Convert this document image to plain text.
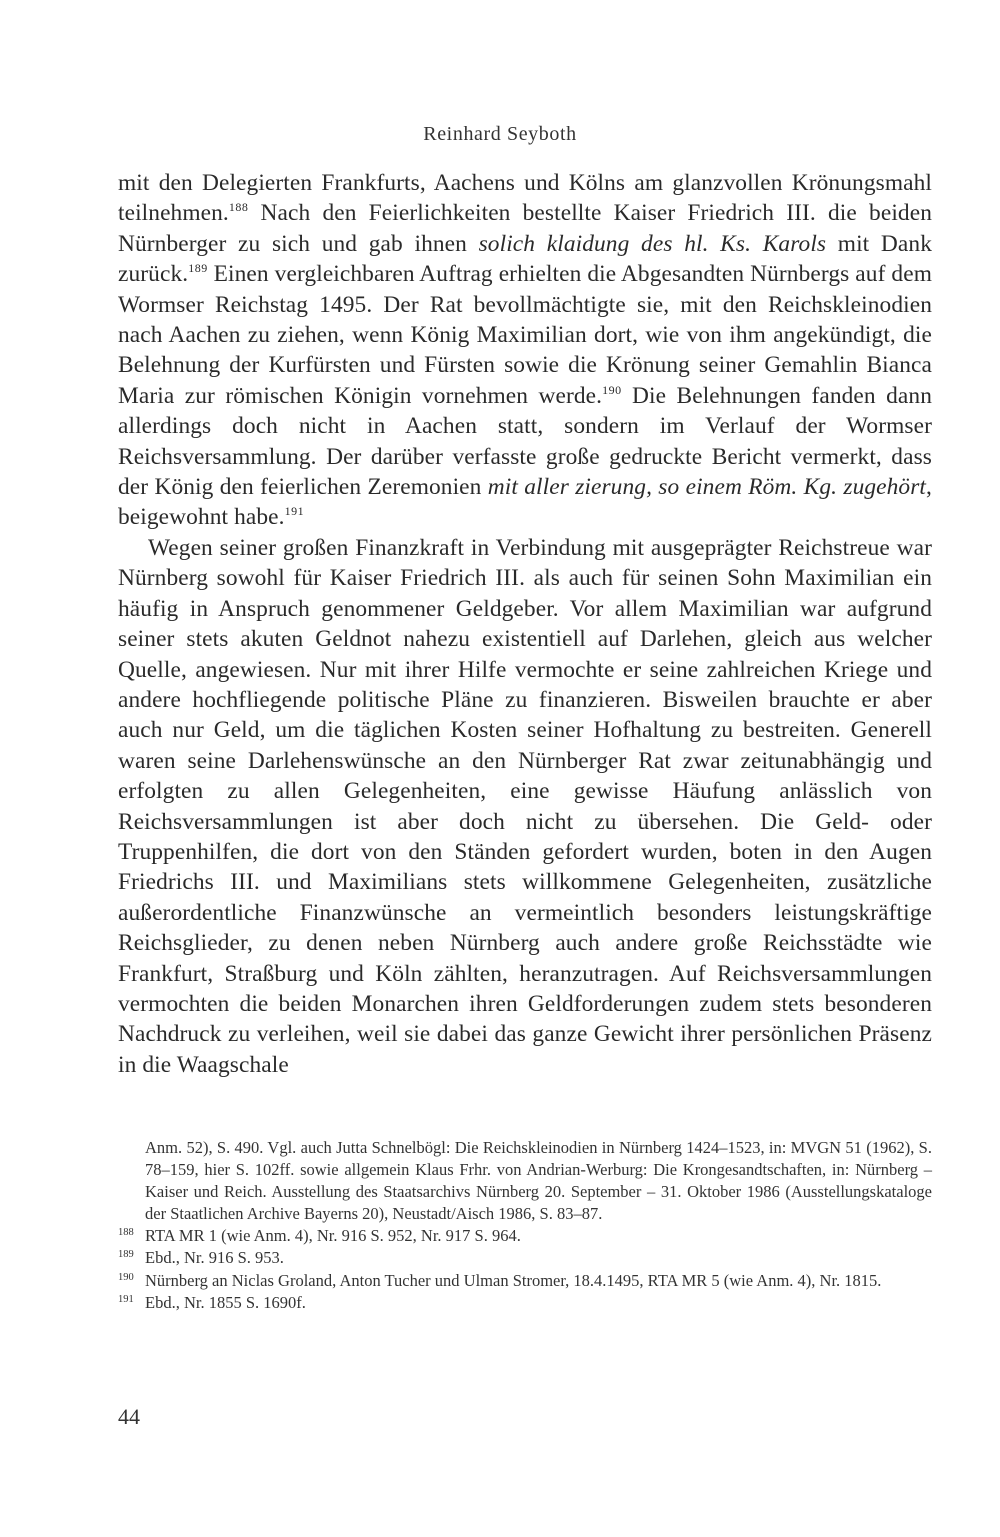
Reinhard Seyboth

mit den Delegierten Frankfurts, Aachens und Kölns am glanzvollen Krönungsmahl teilnehmen.$^{188}$ Nach den Feierlichkeiten bestellte Kaiser Friedrich III. die beiden Nürnberger zu sich und gab ihnen solich klaidung des hl. Ks. Karols mit Dank zurück.$^{189}$ Einen vergleichbaren Auftrag erhielten die Abgesandten Nürnbergs auf dem Wormser Reichstag 1495. Der Rat bevollmächtigte sie, mit den Reichskleinodien nach Aachen zu ziehen, wenn König Maximilian dort, wie von ihm angekündigt, die Belehnung der Kurfürsten und Fürsten sowie die Krönung seiner Gemahlin Bianca Maria zur römischen Königin vornehmen werde.$^{190}$ Die Belehnungen fanden dann allerdings doch nicht in Aachen statt, sondern im Verlauf der Wormser Reichsversammlung. Der darüber verfasste große gedruckte Bericht vermerkt, dass der König den feierlichen Zeremonien mit aller zierung, so einem Röm. Kg. zugehört, beigewohnt habe.$^{191}$

Wegen seiner großen Finanzkraft in Verbindung mit ausgeprägter Reichstreue war Nürnberg sowohl für Kaiser Friedrich III. als auch für seinen Sohn Maximilian ein häufig in Anspruch genommener Geldgeber. Vor allem Maximilian war aufgrund seiner stets akuten Geldnot nahezu existentiell auf Darlehen, gleich aus welcher Quelle, angewiesen. Nur mit ihrer Hilfe vermochte er seine zahlreichen Kriege und andere hochfliegende politische Pläne zu finanzieren. Bisweilen brauchte er aber auch nur Geld, um die täglichen Kosten seiner Hofhaltung zu bestreiten. Generell waren seine Darlehenswünsche an den Nürnberger Rat zwar zeitunabhängig und erfolgten zu allen Gelegenheiten, eine gewisse Häufung anlässlich von Reichsversammlungen ist aber doch nicht zu übersehen. Die Geld- oder Truppenhilfen, die dort von den Ständen gefordert wurden, boten in den Augen Friedrichs III. und Maximilians stets willkommene Gelegenheiten, zusätzliche außerordentliche Finanzwünsche an vermeintlich besonders leistungskräftige Reichsglieder, zu denen neben Nürnberg auch andere große Reichsstädte wie Frankfurt, Straßburg und Köln zählten, heranzutragen. Auf Reichsversammlungen vermochten die beiden Monarchen ihren Geldforderungen zudem stets besonderen Nachdruck zu verleihen, weil sie dabei das ganze Gewicht ihrer persönlichen Präsenz in die Waagschale

Anm. 52), S. 490. Vgl. auch Jutta Schnelbögl: Die Reichskleinodien in Nürnberg 1424–1523, in: MVGN 51 (1962), S. 78–159, hier S. 102ff. sowie allgemein Klaus Frhr. von Andrian-Werburg: Die Krongesandtschaften, in: Nürnberg – Kaiser und Reich. Ausstellung des Staatsarchivs Nürnberg 20. September – 31. Oktober 1986 (Ausstellungskataloge der Staatlichen Archive Bayerns 20), Neustadt/Aisch 1986, S. 83–87.
188 RTA MR 1 (wie Anm. 4), Nr. 916 S. 952, Nr. 917 S. 964.
189 Ebd., Nr. 916 S. 953.
190 Nürnberg an Niclas Groland, Anton Tucher und Ulman Stromer, 18.4.1495, RTA MR 5 (wie Anm. 4), Nr. 1815.
191 Ebd., Nr. 1855 S. 1690f.
44
